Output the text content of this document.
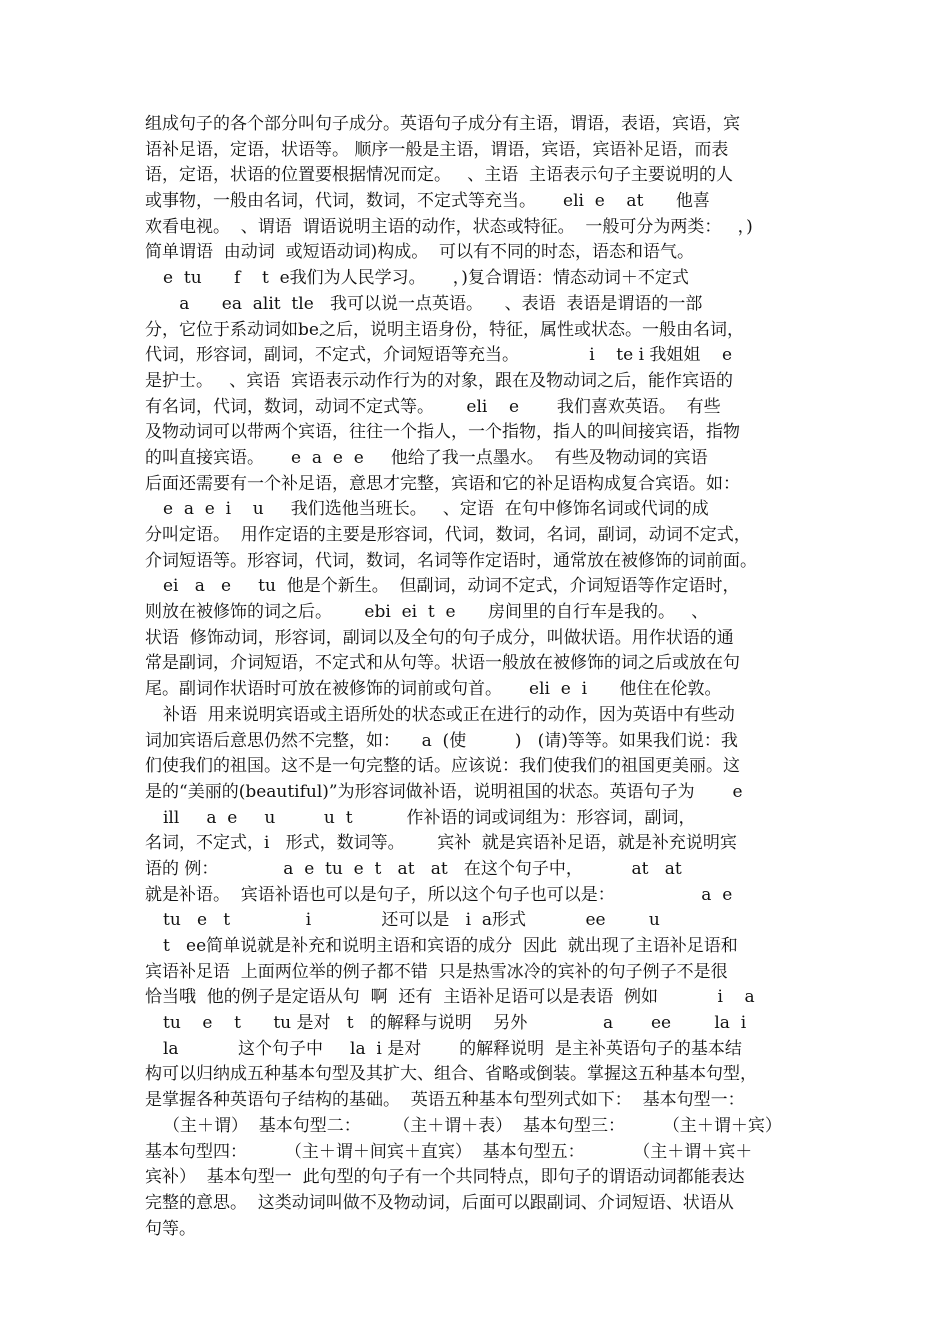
组成句子的各个部分叫句子成分。英语句子成分有主语，谓语，表语，宾语，宾
语补足语，定语，状语等。 顺序一般是主语，谓语，宾语，宾语补足语，而表
语，定语，状语的位置要根据情况而定。   、主语  主语表示句子主要说明的人
或事物，一般由名词，代词，数词，不定式等充当。     eli  e    at      他喜
欢看电视。  、谓语  谓语说明主语的动作，状态或特征。  一般可分为两类：   ，)
简单谓语  由动词  或短语动词)构成。  可以有不同的时态，语态和语气。
e  tu      f    t  e我们为人民学习。     ，)复合谓语：情态动词＋不定式
a      ea  alit  tle   我可以说一点英语。    、表语  表语是谓语的一部
分，它位于系动词如be之后，说明主语身份，特征，属性或状态。一般由名词，
代词，形容词，副词，不定式，介词短语等充当。             i    te i 我姐姐    e
是护士。   、宾语  宾语表示动作行为的对象，跟在及物动词之后，能作宾语的
有名词，代词，数词，动词不定式等。      eli    e       我们喜欢英语。  有些
及物动词可以带两个宾语，往往一个指人，一个指物，指人的叫间接宾语，指物
的叫直接宾语。     e  a  e  e     他给了我一点墨水。  有些及物动词的宾语
后面还需要有一个补足语，意思才完整，宾语和它的补足语构成复合宾语。如：
e  a  e  i    u     我们选他当班长。   、定语  在句中修饰名词或代词的成
分叫定语。  用作定语的主要是形容词，代词，数词，名词，副词，动词不定式，
介词短语等。形容词，代词，数词，名词等作定语时，通常放在被修饰的词前面。
ei   a   e     tu  他是个新生。  但副词，动词不定式，介词短语等作定语时，
则放在被修饰的词之后。      ebi  ei  t  e      房间里的自行车是我的。   、
状语  修饰动词，形容词，副词以及全句的句子成分，叫做状语。用作状语的通
常是副词，介词短语，不定式和从句等。状语一般放在被修饰的词之后或放在句
尾。副词作状语时可放在被修饰的词前或句首。     eli  e  i      他住在伦敦。
补语  用来说明宾语或主语所处的状态或正在进行的动作，因为英语中有些动
词加宾语后意思仍然不完整，如：    a  (使         )   (请)等等。如果我们说：我
们使我们的祖国。这不是一句完整的话。应该说：我们使我们的祖国更美丽。这
是的“美丽的(beautiful)”为形容词做补语，说明祖国的状态。英语句子为       e
ill     a  e     u         u  t          作补语的词或词组为：形容词，副词，
名词，不定式，i   形式，数词等。      宾补  就是宾语补足语，就是补充说明宾
语的 例：            a  e  tu  e  t   at   at   在这个句子中，         at   at
就是补语。  宾语补语也可以是句子，所以这个句子也可以是：                a  e
tu   e   t              i             还可以是   i  a形式           ee        u
t   ee简单说就是补充和说明主语和宾语的成分  因此  就出现了主语补足语和
宾语补足语  上面两位举的例子都不错  只是热雪冰冷的宾补的句子例子不是很
恰当哦  他的例子是定语从句  啊  还有  主语补足语可以是表语  例如           i    a
tu    e    t      tu 是对   t   的解释与说明    另外              a       ee        la  i
la           这个句子中     la  i 是对       的解释说明  是主补英语句子的基本结
构可以归纳成五种基本句型及其扩大、组合、省略或倒装。掌握这五种基本句型，
是掌握各种英语句子结构的基础。  英语五种基本句型列式如下：  基本句型一：
（主＋谓）  基本句型二：      （主＋谓＋表）  基本句型三：       （主＋谓＋宾）
基本句型四：       （主＋谓＋间宾＋直宾）  基本句型五：         （主＋谓＋宾＋
宾补）  基本句型一  此句型的句子有一个共同特点，即句子的谓语动词都能表达
完整的意思。  这类动词叫做不及物动词，后面可以跟副词、介词短语、状语从
句等。
